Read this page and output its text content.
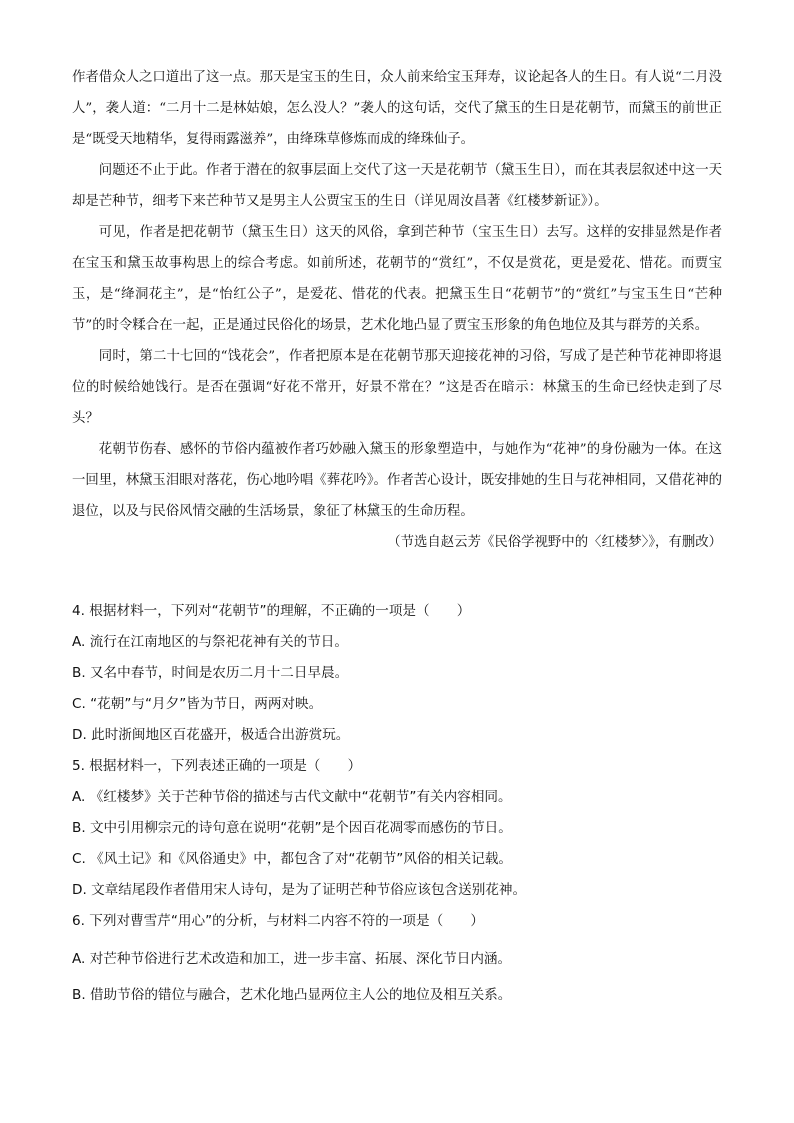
作者借众人之口道出了这一点。那天是宝玉的生日，众人前来给宝玉拜寿，议论起各人的生日。有人说“二月没人”，袭人道：“二月十二是林姑娘，怎么没人？”袭人的这句话，交代了黛玉的生日是花朝节，而黛玉的前世正是“既受天地精华，复得雨露滋养”，由绛珠草修炼而成的绛珠仙子。

问题还不止于此。作者于潜在的叙事层面上交代了这一天是花朝节（黛玉生日），而在其表层叙述中这一天却是芒种节，细考下来芒种节又是男主人公贾宝玉的生日（详见周汝昌著《红楼梦新证》）。

可见，作者是把花朝节（黛玉生日）这天的风俗，拿到芒种节（宝玉生日）去写。这样的安排显然是作者在宝玉和黛玉故事构思上的综合考虑。如前所述，花朝节的“赏红”，不仅是赏花，更是爱花、惜花。而贾宝玉，是“绛洞花主”，是“怡红公子”，是爱花、惜花的代表。把黛玉生日“花朝节”的“赏红”与宝玉生日“芒种节”的时令糅合在一起，正是通过民俗化的场景，艺术化地凸显了贾宝玉形象的角色地位及其与群芳的关系。

同时，第二十七回的“饯花会”，作者把原本是在花朝节那天迎接花神的习俗，写成了是芒种节花神即将退位的时候给她饯行。是否在强调“好花不常开，好景不常在？”这是否在暗示：林黛玉的生命已经快走到了尽头？

花朝节伤春、感怀的节俗内蕴被作者巧妙融入黛玉的形象塑造中，与她作为“花神”的身份融为一体。在这一回里，林黛玉泪眼对落花，伤心地吟唱《葬花吟》。作者苦心设计，既安排她的生日与花神相同，又借花神的退位，以及与民俗风情交融的生活场景，象征了林黛玉的生命历程。

（节选自赵云芳《民俗学视野中的〈红楼梦〉》，有删改）

4. 根据材料一，下列对“花朝节”的理解，不正确的一项是（　　）
A. 流行在江南地区的与祭祀花神有关的节日。
B. 又名中春节，时间是农历二月十二日早晨。
C. “花朝”与“月夕”皆为节日，两两对映。
D. 此时浙闽地区百花盛开，极适合出游赏玩。
5. 根据材料一，下列表述正确的一项是（　　）
A. 《红楼梦》关于芒种节俗的描述与古代文献中“花朝节”有关内容相同。
B. 文中引用柳宗元的诗句意在说明“花朝”是个因百花凋零而感伤的节日。
C. 《风土记》和《风俗通史》中，都包含了对“花朝节”风俗的相关记载。
D. 文章结尾段作者借用宋人诗句，是为了证明芒种节俗应该包含送别花神。
6. 下列对曹雪芹“用心”的分析，与材料二内容不符的一项是（　　）
A. 对芒种节俗进行艺术改造和加工，进一步丰富、拓展、深化节日内涵。
B. 借助节俗的错位与融合，艺术化地凸显两位主人公的地位及相互关系。
